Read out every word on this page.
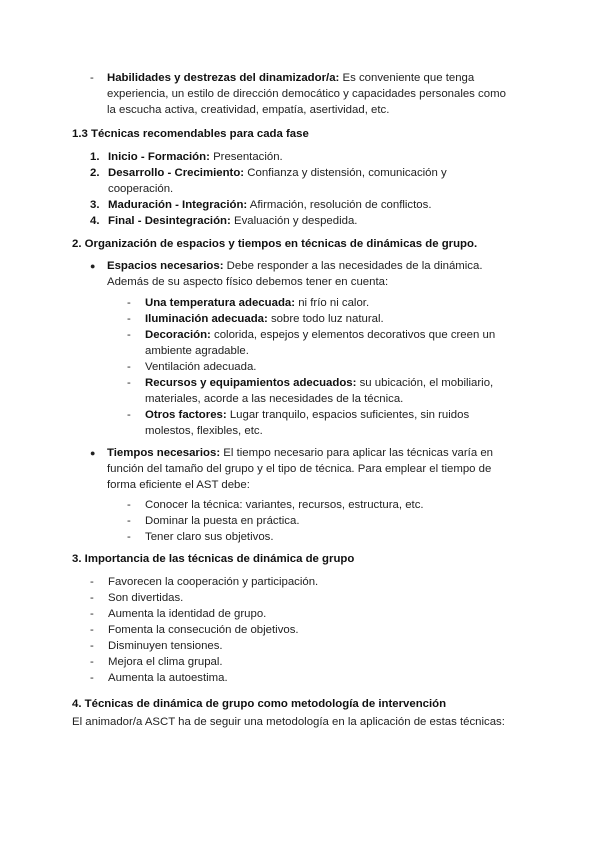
-	Habilidades y destrezas del dinamizador/a: Es conveniente que tenga experiencia, un estilo de dirección democático y capacidades personales como la escucha activa, creatividad, empatía, asertividad, etc.
1.3 Técnicas recomendables para cada fase
1. Inicio - Formación: Presentación.
2. Desarrollo - Crecimiento: Confianza y distensión, comunicación y cooperación.
3. Maduración - Integración: Afirmación, resolución de conflictos.
4. Final - Desintegración: Evaluación y despedida.
2. Organización de espacios y tiempos en técnicas de dinámicas de grupo.
●	Espacios necesarios: Debe responder a las necesidades de la dinámica. Además de su aspecto físico debemos tener en cuenta:
-	Una temperatura adecuada: ni frío ni calor.
-	Iluminación adecuada: sobre todo luz natural.
-	Decoración: colorida, espejos y elementos decorativos que creen un ambiente agradable.
-	Ventilación adecuada.
-	Recursos y equipamientos adecuados: su ubicación, el mobiliario, materiales, acorde a las necesidades de la técnica.
-	Otros factores: Lugar tranquilo, espacios suficientes, sin ruidos molestos, flexibles, etc.
●	Tiempos necesarios: El tiempo necesario para aplicar las técnicas varía en función del tamaño del grupo y el tipo de técnica. Para emplear el tiempo de forma eficiente el AST debe:
-	Conocer la técnica: variantes, recursos, estructura, etc.
-	Dominar la puesta en práctica.
-	Tener claro sus objetivos.
3. Importancia de las técnicas de dinámica de grupo
-	Favorecen la cooperación y participación.
-	Son divertidas.
-	Aumenta la identidad de grupo.
-	Fomenta la consecución de objetivos.
-	Disminuyen tensiones.
-	Mejora el clima grupal.
-	Aumenta la autoestima.
4. Técnicas de dinámica de grupo como metodología de intervención
El animador/a ASCT ha de seguir una metodología en la aplicación de estas técnicas:
